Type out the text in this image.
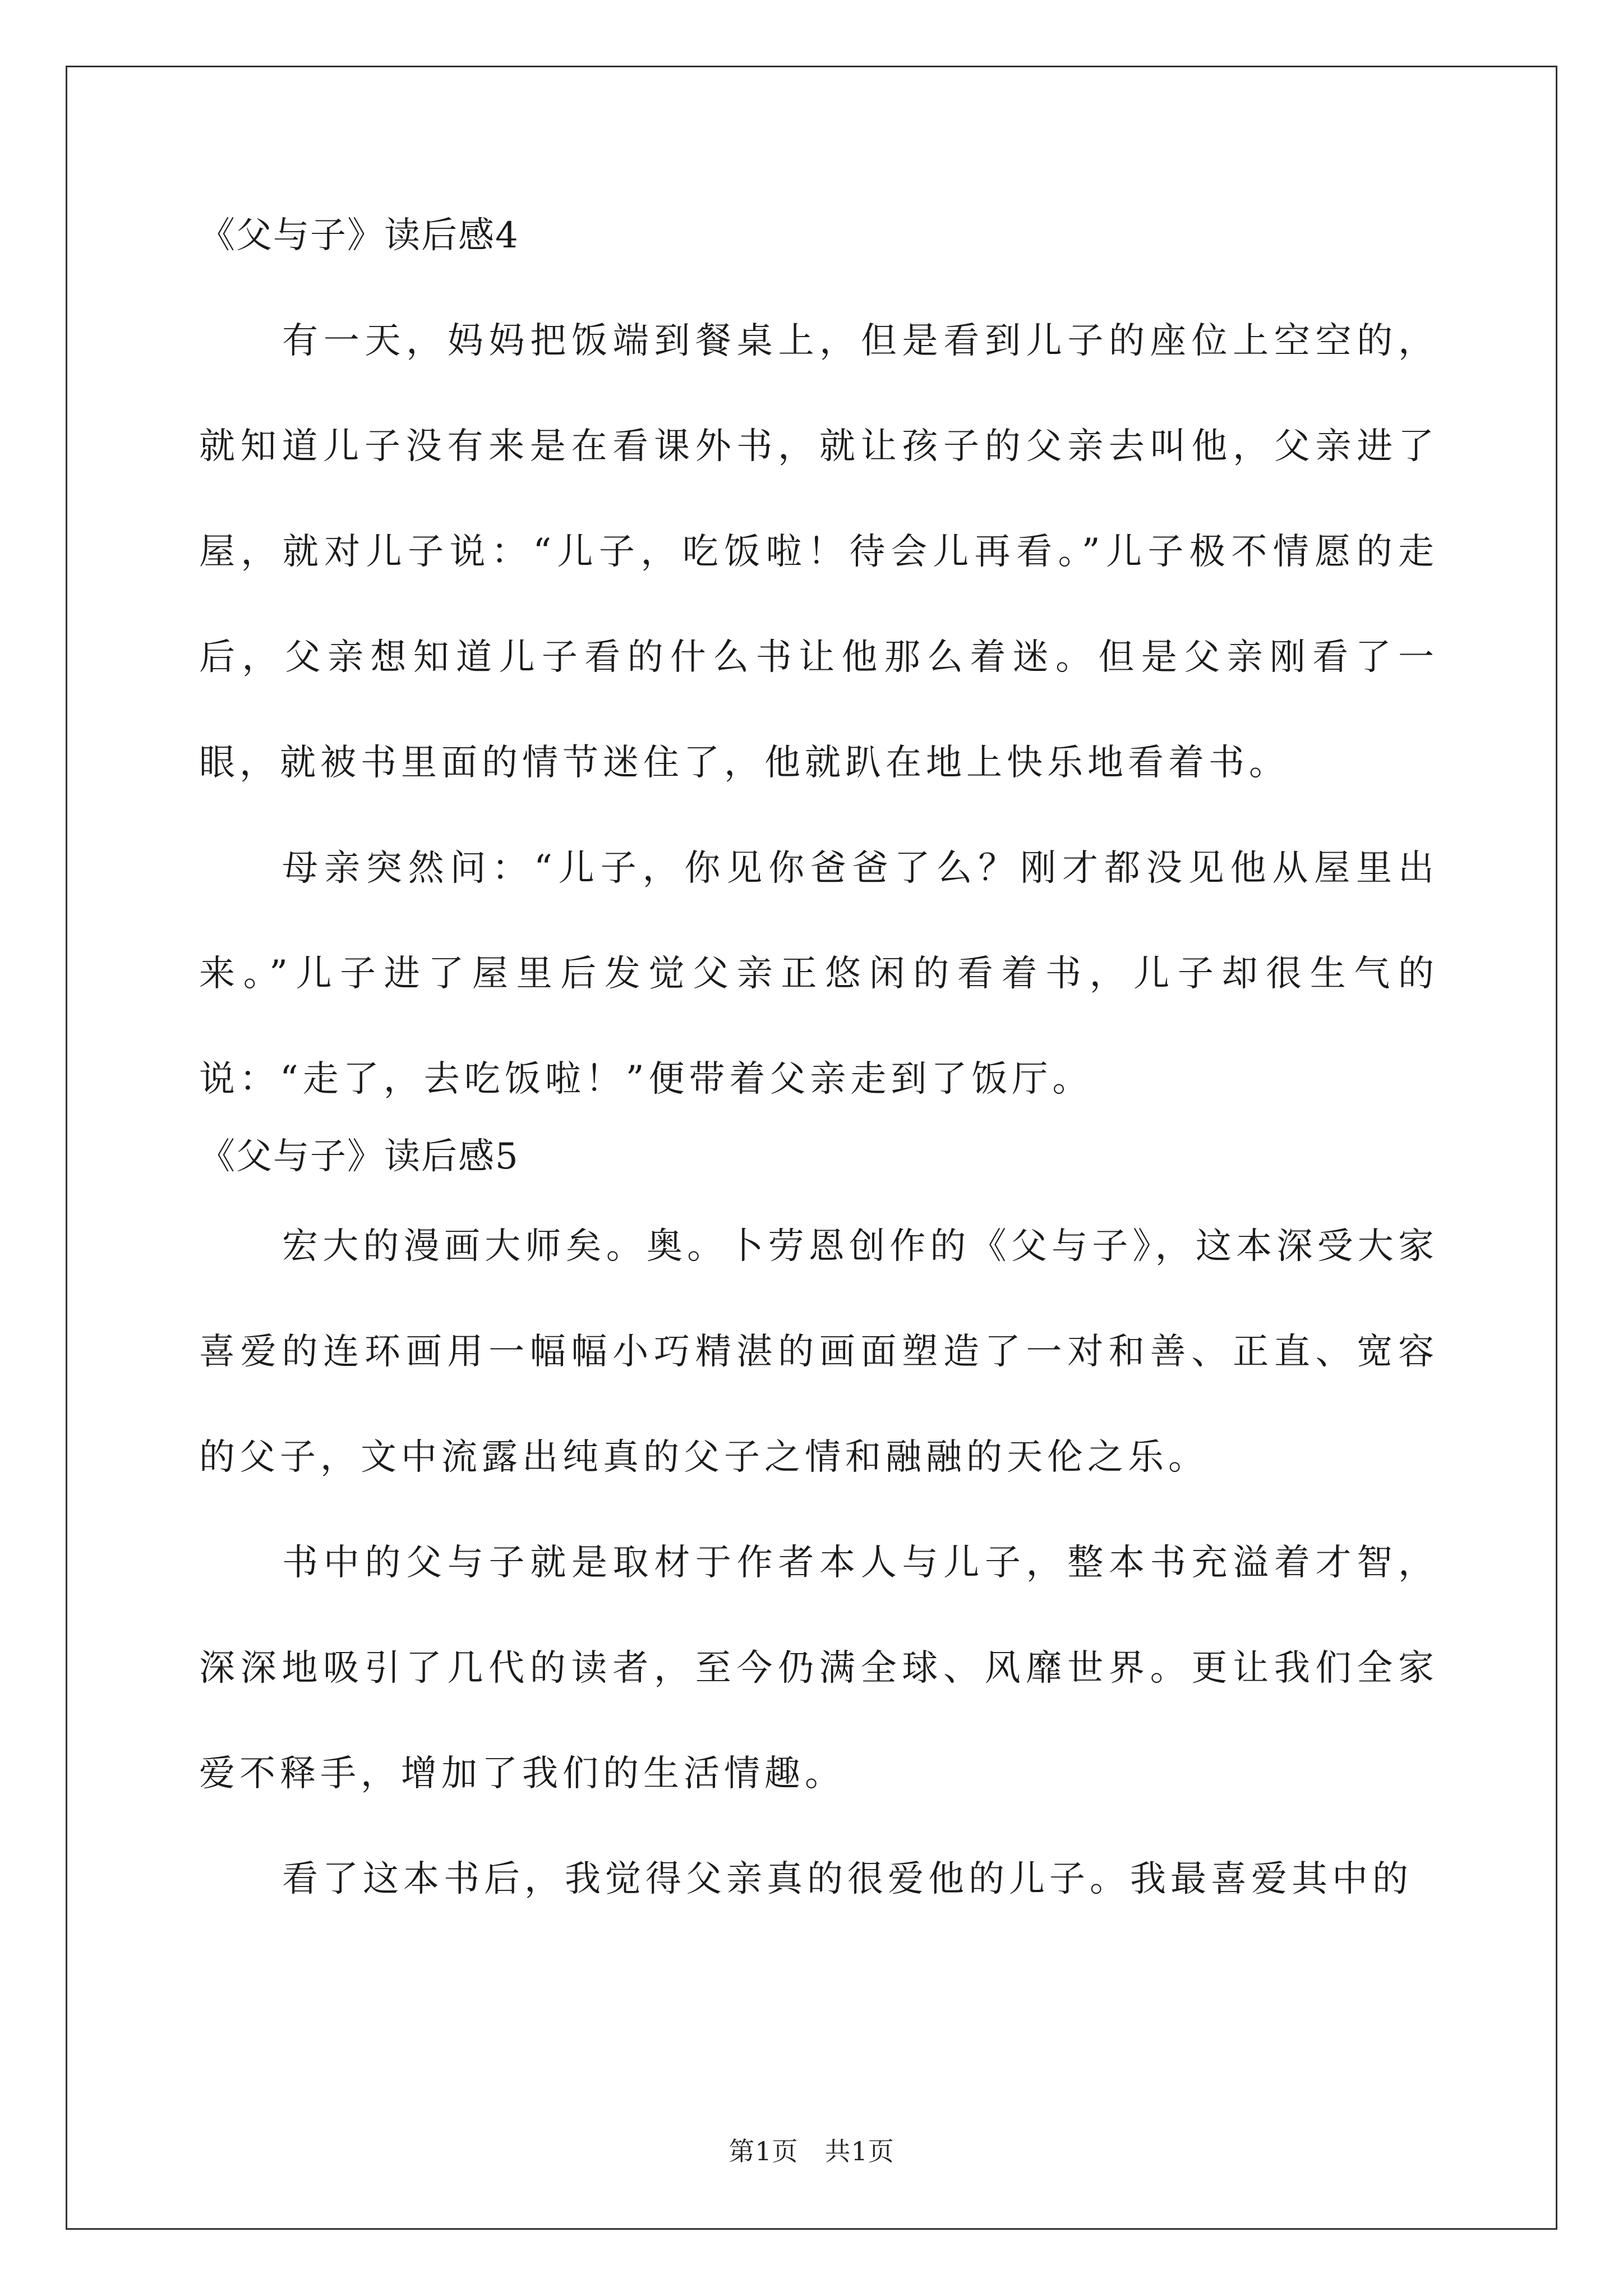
《父与子》读后感4

有一天，妈妈把饭端到餐桌上，但是看到儿子的座位上空空的，就知道儿子没有来是在看课外书，就让孩子的父亲去叫他，父亲进了屋，就对儿子说：“儿子，吃饭啦！待会儿再看。”儿子极不情愿的走后，父亲想知道儿子看的什么书让他那么着迷。但是父亲刚看了一眼，就被书里面的情节迷住了，他就趴在地上快乐地看着书。

母亲突然问：“儿子，你见你爸爸了么？刚才都没见他从屋里出来。”儿子进了屋里后发觉父亲正悠闲的看着书，儿子却很生气的说：“走了，去吃饭啦！”便带着父亲走到了饭厅。

《父与子》读后感5

宏大的漫画大师矣。奥。卜劳恩创作的《父与子》，这本深受大家喜爱的连环画用一幅幅小巧精湛的画面塑造了一对和善、正直、宽容的父子，文中流露出纯真的父子之情和融融的天伦之乐。

书中的父与子就是取材于作者本人与儿子，整本书充溢着才智，深深地吸引了几代的读者，至今仍满全球、风靡世界。更让我们全家爱不释手，增加了我们的生活情趣。

看了这本书后，我觉得父亲真的很爱他的儿子。我最喜爱其中的

第1页 共1页
